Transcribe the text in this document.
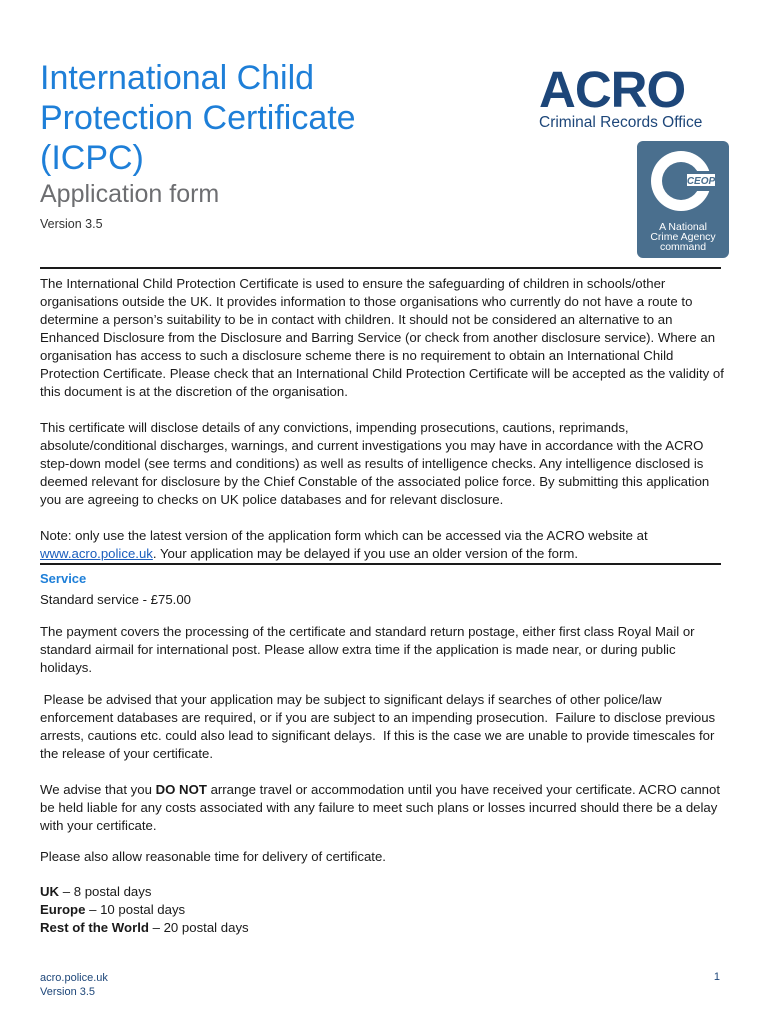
International Child
Protection Certificate
(ICPC)
Application form
Version 3.5
ACRO
Criminal Records Office
CEOP
A National
Crime Agency
command

The International Child Protection Certificate is used to ensure the safeguarding of children in schools/other organisations outside the UK. It provides information to those organisations who currently do not have a route to determine a person’s suitability to be in contact with children. It should not be considered an alternative to an Enhanced Disclosure from the Disclosure and Barring Service (or check from another disclosure service). Where an organisation has access to such a disclosure scheme there is no requirement to obtain an International Child Protection Certificate. Please check that an International Child Protection Certificate will be accepted as the validity of this document is at the discretion of the organisation.

This certificate will disclose details of any convictions, impending prosecutions, cautions, reprimands, absolute/conditional discharges, warnings, and current investigations you may have in accordance with the ACRO step-down model (see terms and conditions) as well as results of intelligence checks. Any intelligence disclosed is deemed relevant for disclosure by the Chief Constable of the associated police force. By submitting this application you are agreeing to checks on UK police databases and for relevant disclosure.

Note: only use the latest version of the application form which can be accessed via the ACRO website at www.acro.police.uk. Your application may be delayed if you use an older version of the form.

Service

Standard service - £75.00

The payment covers the processing of the certificate and standard return postage, either first class Royal Mail or standard airmail for international post. Please allow extra time if the application is made near, or during public holidays.

Please be advised that your application may be subject to significant delays if searches of other police/law enforcement databases are required, or if you are subject to an impending prosecution.  Failure to disclose previous arrests, cautions etc. could also lead to significant delays.  If this is the case we are unable to provide timescales for the release of your certificate.

We advise that you DO NOT arrange travel or accommodation until you have received your certificate. ACRO cannot be held liable for any costs associated with any failure to meet such plans or losses incurred should there be a delay with your certificate.

Please also allow reasonable time for delivery of certificate.

UK – 8 postal days
Europe – 10 postal days
Rest of the World – 20 postal days
acro.police.uk
Version 3.5
1
